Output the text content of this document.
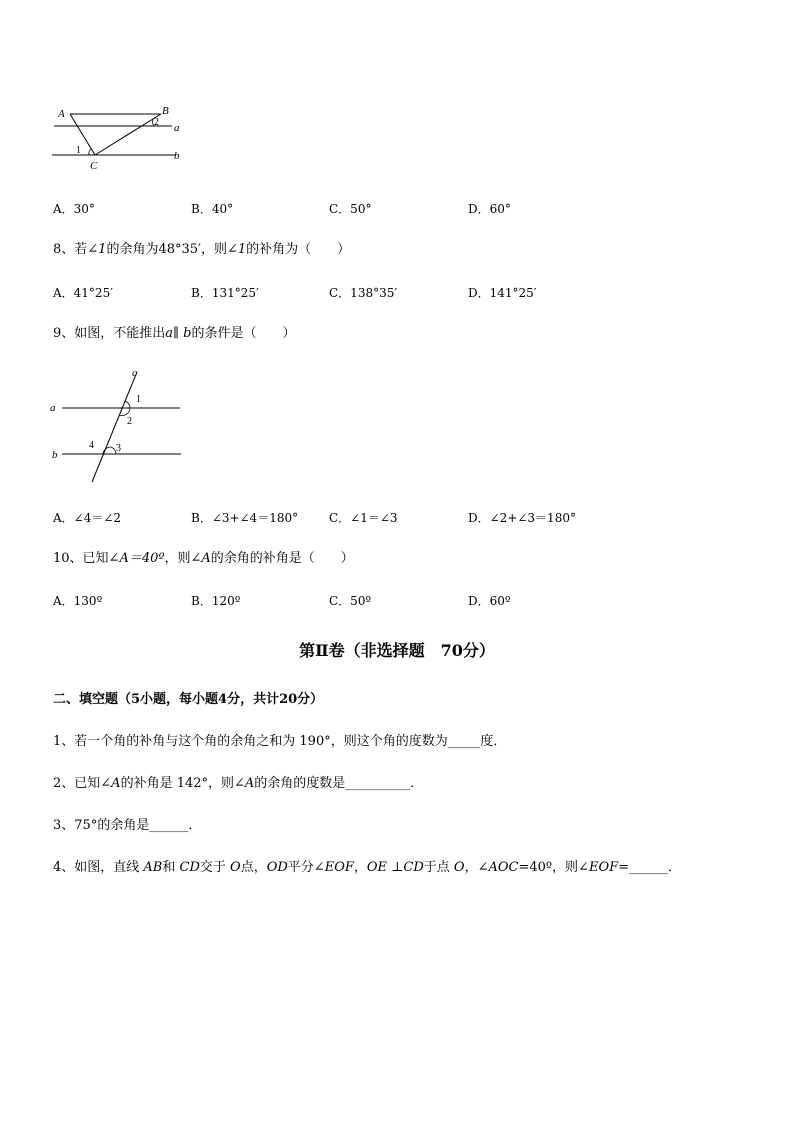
A	B
C
a
b
1
2
A．30°	B．40°	C．50°	D．60°
8、若∠1的余角为48°35′，则∠1的补角为（　　）
A．41°25′	B．131°25′	C．138°35′	D．141°25′
9、如图，不能推出a∥ b的条件是（　　）
a
b
c
1
2
3
4
A．∠4＝∠2	B．∠3+∠4＝180°	C．∠1＝∠3	D．∠2+∠3＝180°
10、已知∠A＝40º，则∠A的余角的补角是（　　）
A．130º	B．120º	C．50º	D．60º
第Ⅱ卷（非选择题　70分）
二、填空题（5小题，每小题4分，共计20分）
1、若一个角的补角与这个角的余角之和为 190°，则这个角的度数为_____度．
2、已知∠A的补角是 142°，则∠A的余角的度数是__________．
3、75°的余角是______．
4、如图，直线 AB和 CD交于 O点，OD平分∠EOF，OE ⊥CD于点 O，∠AOC=40º，则∠EOF=______．
